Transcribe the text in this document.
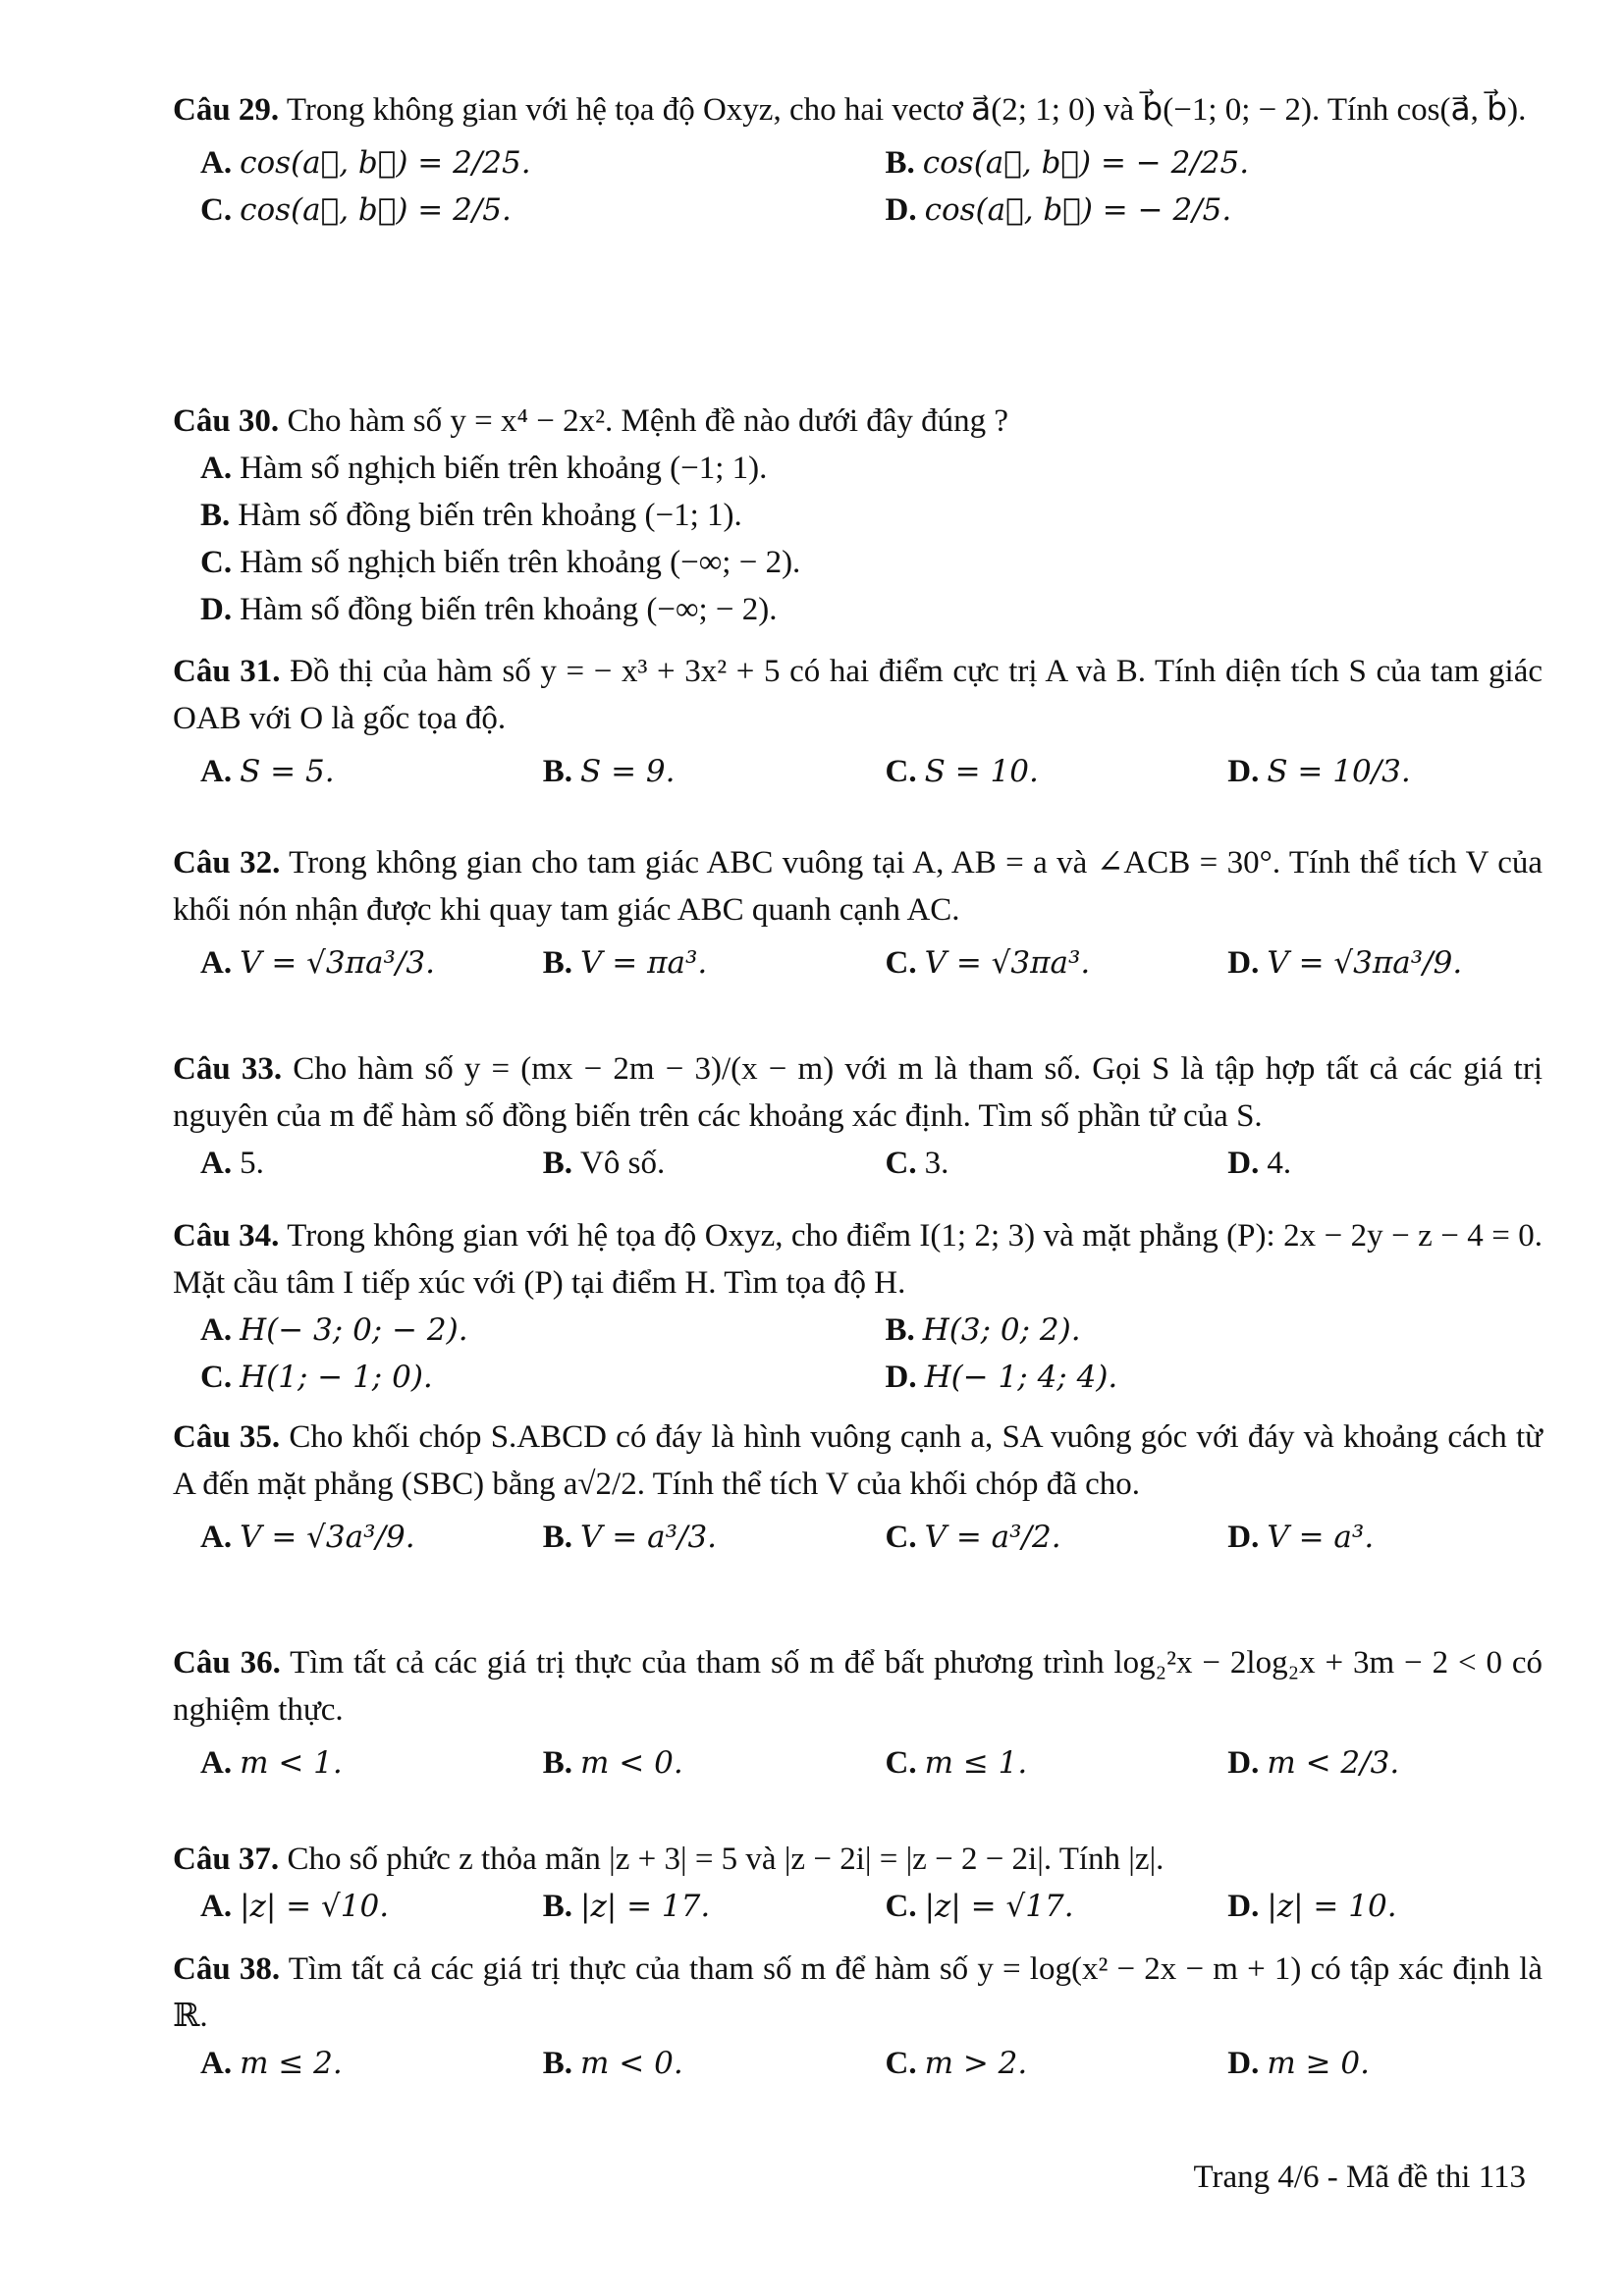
Câu 29. Trong không gian với hệ tọa độ Oxyz, cho hai vectơ a⃗(2; 1; 0) và b⃗(−1; 0; − 2). Tính cos(a⃗, b⃗).
A. cos(a⃗, b⃗) = 2/25.	B. cos(a⃗, b⃗) = − 2/25.
C. cos(a⃗, b⃗) = 2/5.	D. cos(a⃗, b⃗) = − 2/5.
Câu 30. Cho hàm số y = x⁴ − 2x². Mệnh đề nào dưới đây đúng ?
A. Hàm số nghịch biến trên khoảng (−1; 1).
B. Hàm số đồng biến trên khoảng (−1; 1).
C. Hàm số nghịch biến trên khoảng (−∞; − 2).
D. Hàm số đồng biến trên khoảng (−∞; − 2).
Câu 31. Đồ thị của hàm số y = − x³ + 3x² + 5 có hai điểm cực trị A và B. Tính diện tích S của tam giác OAB với O là gốc tọa độ.
A. S = 5.	B. S = 9.	C. S = 10.	D. S = 10/3.
Câu 32. Trong không gian cho tam giác ABC vuông tại A, AB = a và ∠ACB = 30°. Tính thể tích V của khối nón nhận được khi quay tam giác ABC quanh cạnh AC.
A. V = √3πa³/3.	B. V = πa³.	C. V = √3πa³.	D. V = √3πa³/9.
Câu 33. Cho hàm số y = (mx − 2m − 3)/(x − m) với m là tham số. Gọi S là tập hợp tất cả các giá trị nguyên của m để hàm số đồng biến trên các khoảng xác định. Tìm số phần tử của S.
A. 5.	B. Vô số.	C. 3.	D. 4.
Câu 34. Trong không gian với hệ tọa độ Oxyz, cho điểm I(1; 2; 3) và mặt phẳng (P): 2x − 2y − z − 4 = 0. Mặt cầu tâm I tiếp xúc với (P) tại điểm H. Tìm tọa độ H.
A. H(− 3; 0; − 2).	B. H(3; 0; 2).
C. H(1; − 1; 0).	D. H(− 1; 4; 4).
Câu 35. Cho khối chóp S.ABCD có đáy là hình vuông cạnh a, SA vuông góc với đáy và khoảng cách từ A đến mặt phẳng (SBC) bằng a√2/2. Tính thể tích V của khối chóp đã cho.
A. V = √3a³/9.	B. V = a³/3.	C. V = a³/2.	D. V = a³.
Câu 36. Tìm tất cả các giá trị thực của tham số m để bất phương trình log₂²x − 2log₂x + 3m − 2 < 0 có nghiệm thực.
A. m < 1.	B. m < 0.	C. m ≤ 1.	D. m < 2/3.
Câu 37. Cho số phức z thỏa mãn |z + 3| = 5 và |z − 2i| = |z − 2 − 2i|. Tính |z|.
A. |z| = √10.	B. |z| = 17.	C. |z| = √17.	D. |z| = 10.
Câu 38. Tìm tất cả các giá trị thực của tham số m để hàm số y = log(x² − 2x − m + 1) có tập xác định là ℝ.
A. m ≤ 2.	B. m < 0.	C. m > 2.	D. m ≥ 0.
Trang 4/6 - Mã đề thi 113
